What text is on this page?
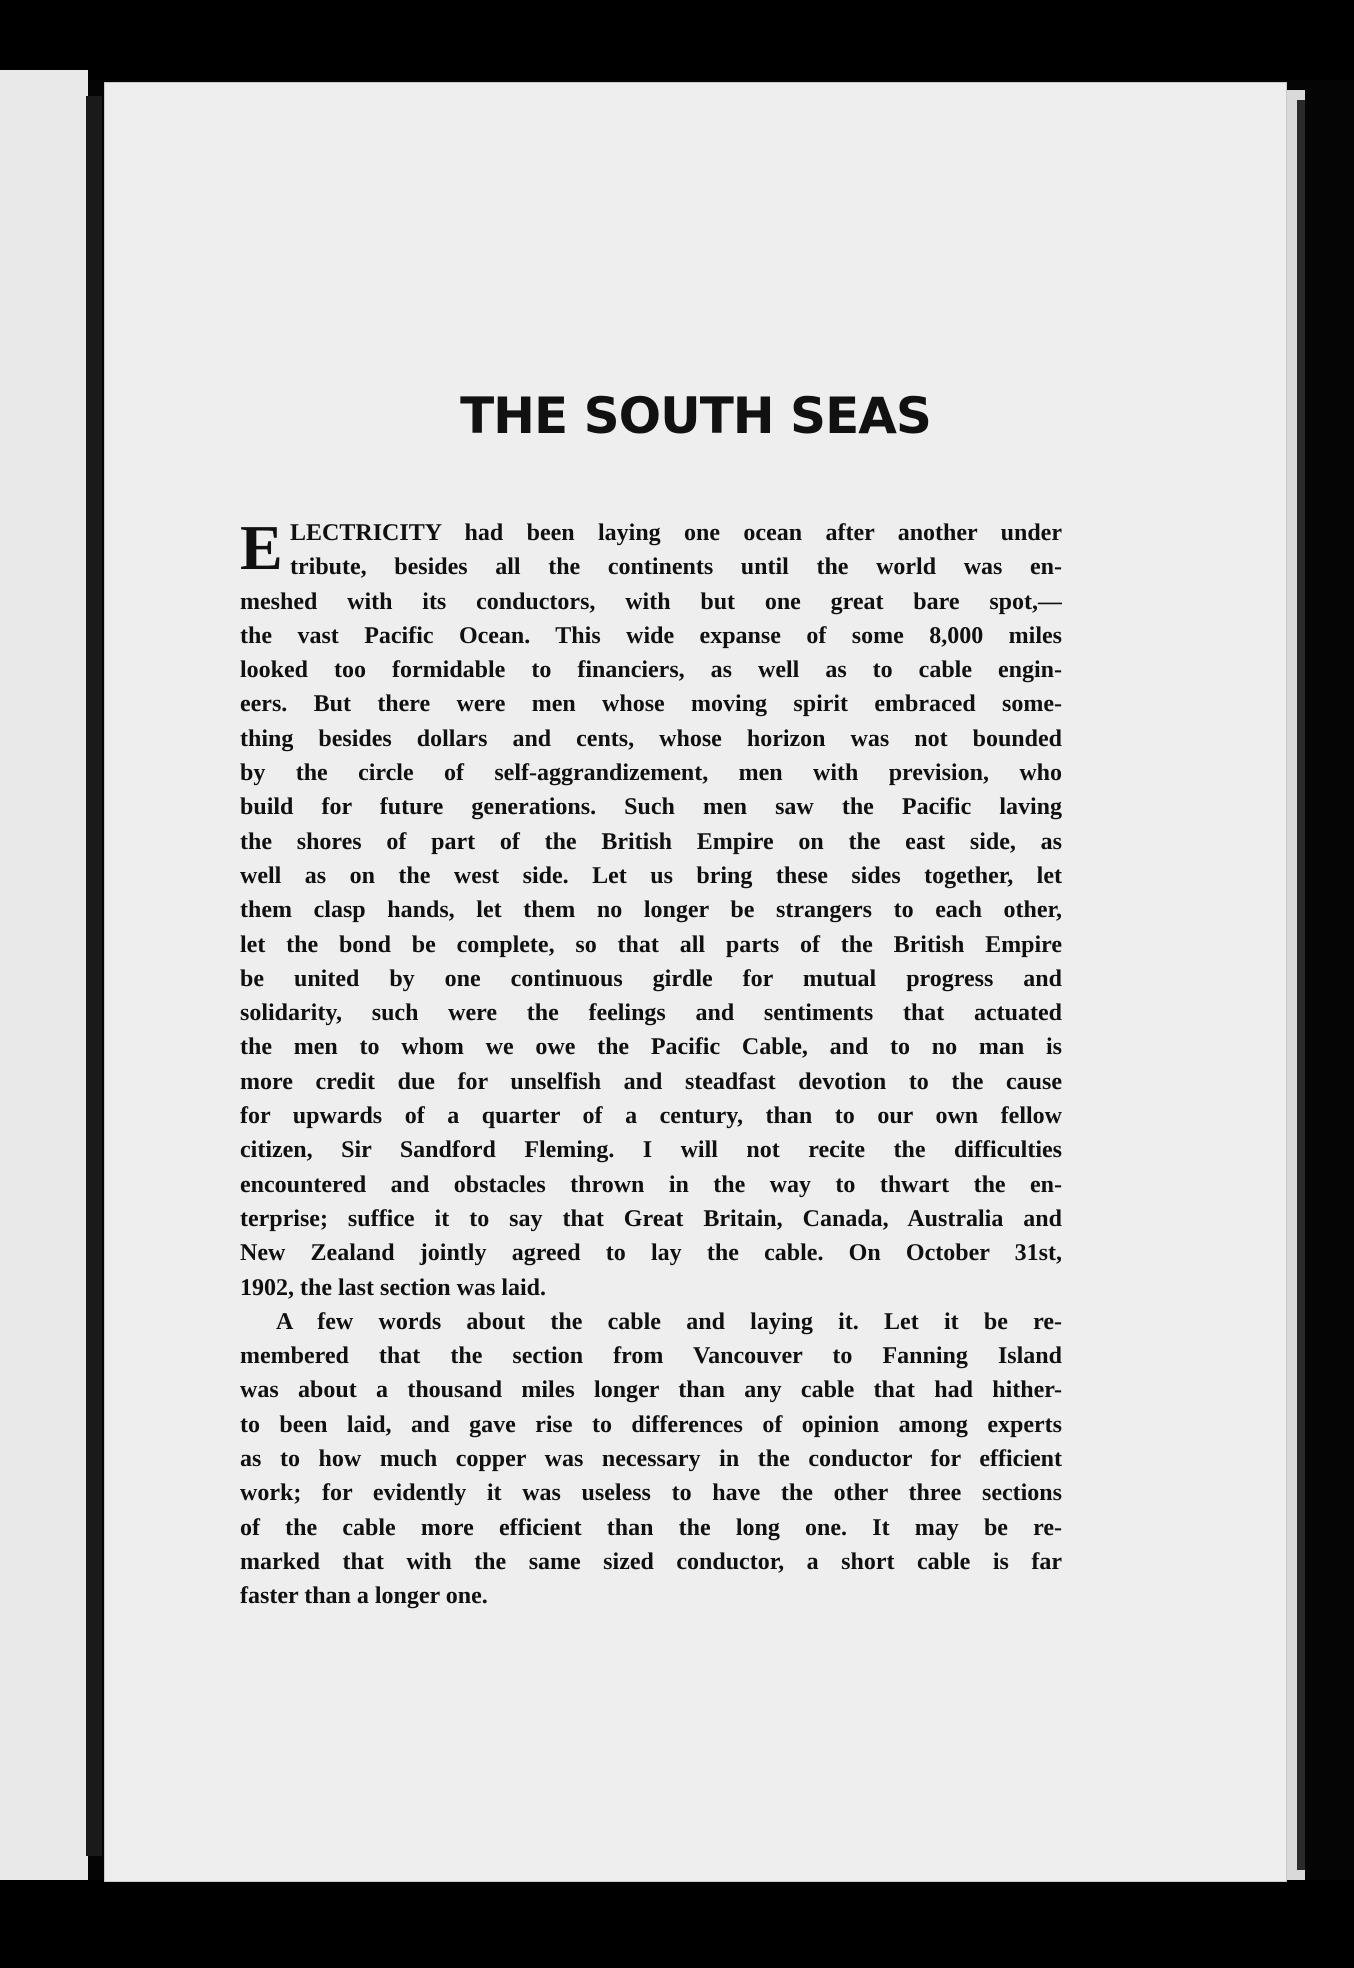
THE SOUTH SEAS
E LECTRICITY had been laying one ocean after another under
tribute, besides all the continents until the world was en-
meshed with its conductors, with but one great bare spot,—
the vast Pacific Ocean. This wide expanse of some 8,000 miles
looked too formidable to financiers, as well as to cable engin-
eers. But there were men whose moving spirit embraced some-
thing besides dollars and cents, whose horizon was not bounded
by the circle of self-aggrandizement, men with prevision, who
build for future generations. Such men saw the Pacific laving
the shores of part of the British Empire on the east side, as
well as on the west side. Let us bring these sides together, let
them clasp hands, let them no longer be strangers to each other,
let the bond be complete, so that all parts of the British Empire
be united by one continuous girdle for mutual progress and
solidarity, such were the feelings and sentiments that actuated
the men to whom we owe the Pacific Cable, and to no man is
more credit due for unselfish and steadfast devotion to the cause
for upwards of a quarter of a century, than to our own fellow
citizen, Sir Sandford Fleming. I will not recite the difficulties
encountered and obstacles thrown in the way to thwart the en-
terprise; suffice it to say that Great Britain, Canada, Australia and
New Zealand jointly agreed to lay the cable. On October 31st,
1902, the last section was laid.
A few words about the cable and laying it. Let it be re-
membered that the section from Vancouver to Fanning Island
was about a thousand miles longer than any cable that had hither-
to been laid, and gave rise to differences of opinion among experts
as to how much copper was necessary in the conductor for efficient
work; for evidently it was useless to have the other three sections
of the cable more efficient than the long one. It may be re-
marked that with the same sized conductor, a short cable is far
faster than a longer one.
